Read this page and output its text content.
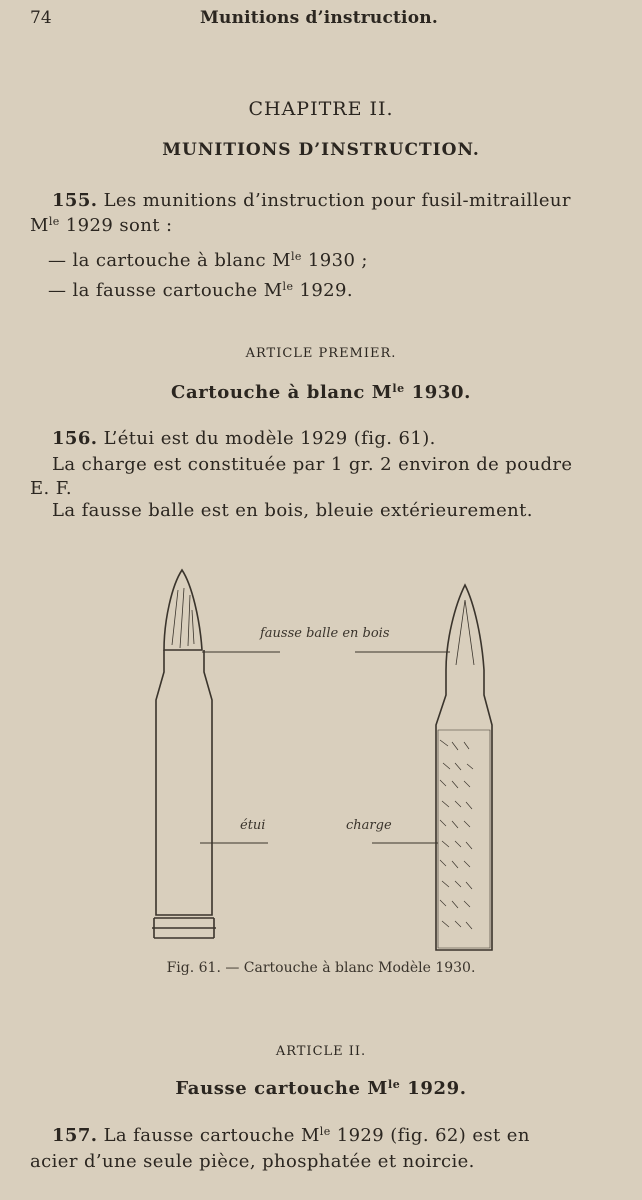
74	Munitions d’instruction.

CHAPITRE II.

MUNITIONS D’INSTRUCTION.

155. Les munitions d’instruction pour fusil-mitrailleur

$M^{le}$ 1929 sont :

— la cartouche à blanc $M^{le}$ 1930 ;

— la fausse cartouche $M^{le}$ 1929.

ARTICLE PREMIER.

Cartouche à blanc $M^{le}$ 1930.

156. L’étui est du modèle 1929 (fig. 61).

La charge est constituée par 1 gr. 2 environ de poudre

E. F.

La fausse balle est en bois, bleuie extérieurement.

fausse balle en bois
étui	charge

Fig. 61. — Cartouche à blanc Modèle 1930.

ARTICLE II.

Fausse cartouche $M^{le}$ 1929.

157. La fausse cartouche $M^{le}$ 1929 (fig. 62) est en

acier d’une seule pièce, phosphatée et noircie.
